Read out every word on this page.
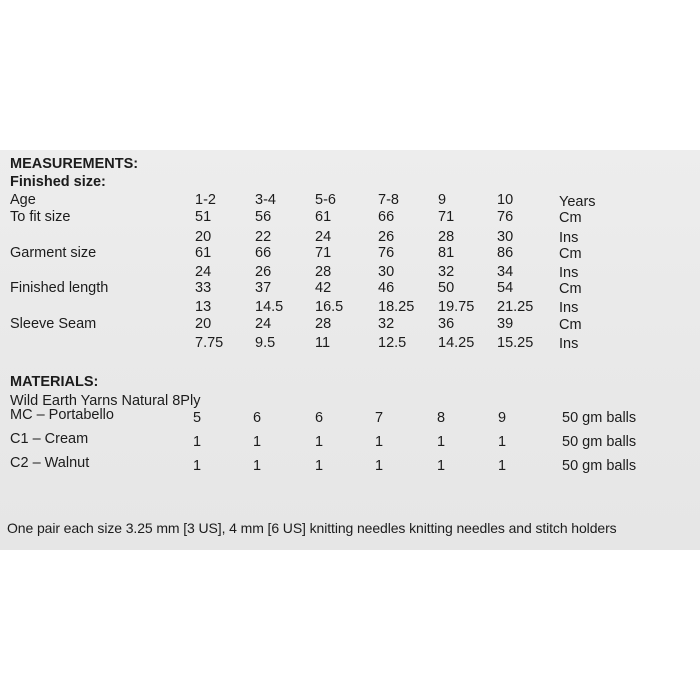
MEASUREMENTS:
Finished size:
Age	1-2	3-4	5-6	7-8	9	10	Years
To fit size	51	56	61	66	71	76	Cm
20	22	24	26	28	30	Ins
Garment size	61	66	71	76	81	86	Cm
24	26	28	30	32	34	Ins
Finished length	33	37	42	46	50	54	Cm
13	14.5 16.5 18.25 19.75 21.25 Ins
Sleeve Seam	20	24	28	32	36	39	Cm
7.75 9.5	11	12.5 14.25 15.25 Ins
MATERIALS:
Wild Earth Yarns Natural 8Ply
MC – Portabello	5	6	6	7	8	9	50 gm balls
C1 – Cream	1	1	1	1	1	1	50 gm balls
C2 – Walnut	1	1	1	1	1	1	50 gm balls
One pair each size 3.25 mm [3 US], 4 mm [6 US] knitting needles knitting needles and stitch holders
